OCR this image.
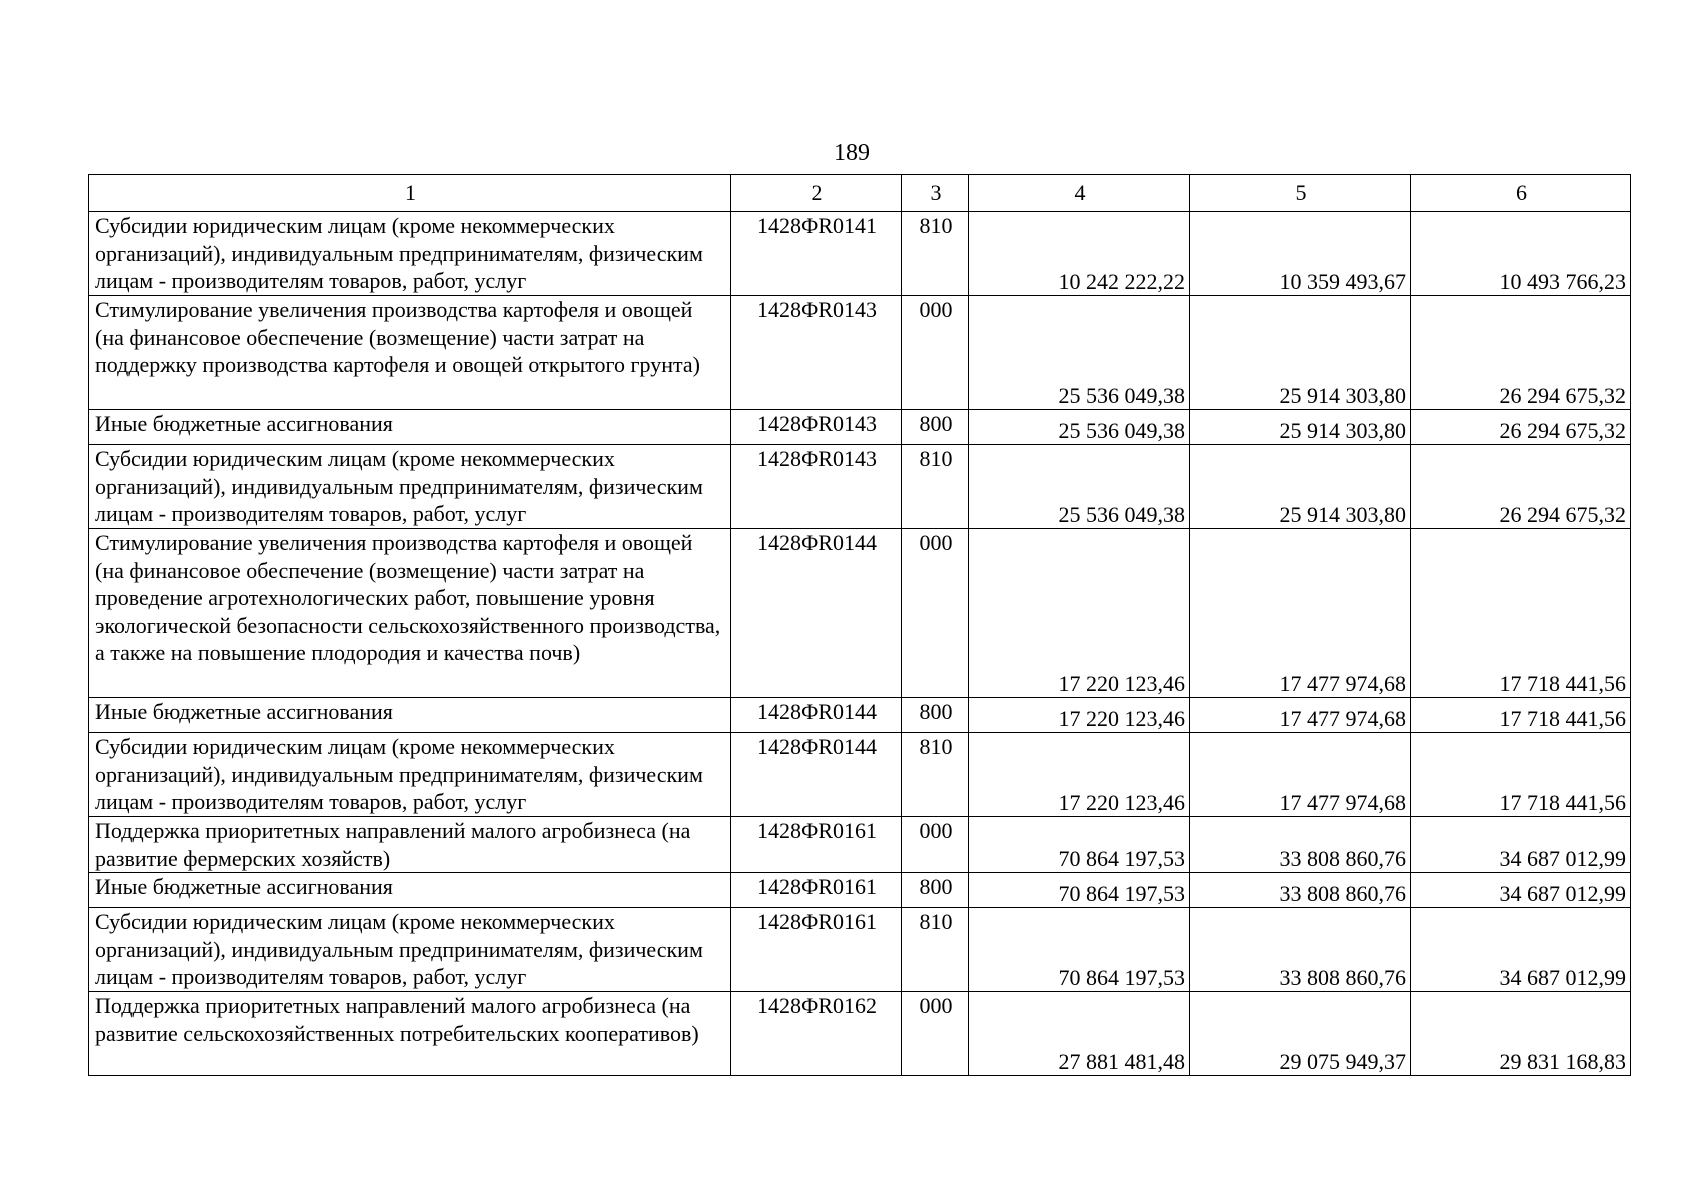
189
1	2	3	4	5	6
Субсидии юридическим лицам (кроме некоммерческих организаций), индивидуальным предпринимателям, физическим лицам - производителям товаров, работ, услуг	1428ФR0141	810	10 242 222,22	10 359 493,67	10 493 766,23
Стимулирование увеличения производства картофеля и овощей (на финансовое обеспечение (возмещение) части затрат на поддержку производства картофеля и овощей открытого грунта)	1428ФR0143	000	25 536 049,38	25 914 303,80	26 294 675,32
Иные бюджетные ассигнования	1428ФR0143	800	25 536 049,38	25 914 303,80	26 294 675,32
Субсидии юридическим лицам (кроме некоммерческих организаций), индивидуальным предпринимателям, физическим лицам - производителям товаров, работ, услуг	1428ФR0143	810	25 536 049,38	25 914 303,80	26 294 675,32
Стимулирование увеличения производства картофеля и овощей (на финансовое обеспечение (возмещение) части затрат на проведение агротехнологических работ, повышение уровня экологической безопасности сельскохозяйственного производства, а также на повышение плодородия и качества почв)	1428ФR0144	000	17 220 123,46	17 477 974,68	17 718 441,56
Иные бюджетные ассигнования	1428ФR0144	800	17 220 123,46	17 477 974,68	17 718 441,56
Субсидии юридическим лицам (кроме некоммерческих организаций), индивидуальным предпринимателям, физическим лицам - производителям товаров, работ, услуг	1428ФR0144	810	17 220 123,46	17 477 974,68	17 718 441,56
Поддержка приоритетных направлений малого агробизнеса (на развитие фермерских хозяйств)	1428ФR0161	000	70 864 197,53	33 808 860,76	34 687 012,99
Иные бюджетные ассигнования	1428ФR0161	800	70 864 197,53	33 808 860,76	34 687 012,99
Субсидии юридическим лицам (кроме некоммерческих организаций), индивидуальным предпринимателям, физическим лицам - производителям товаров, работ, услуг	1428ФR0161	810	70 864 197,53	33 808 860,76	34 687 012,99
Поддержка приоритетных направлений малого агробизнеса (на развитие сельскохозяйственных потребительских кооперативов)	1428ФR0162	000	27 881 481,48	29 075 949,37	29 831 168,83
